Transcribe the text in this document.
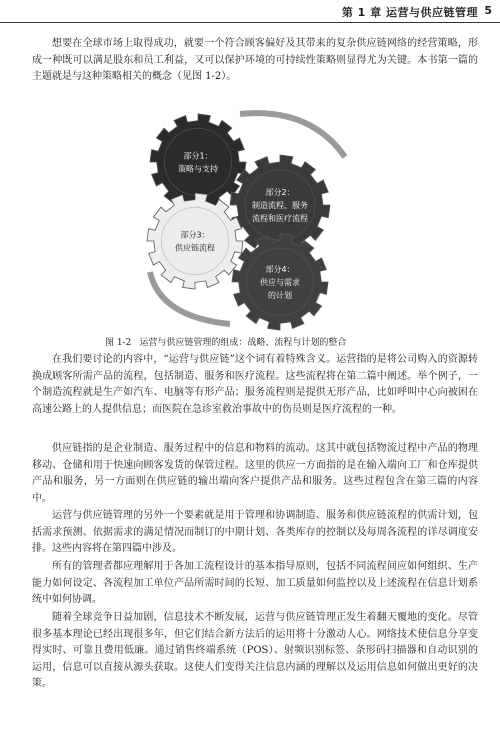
第 1 章 运营与供应链管理 5

想要在全球市场上取得成功，就要一个符合顾客偏好及其带来的复杂供应链网络的经营策略，形成一种既可以满足股东和员工利益，又可以保护环境的可持续性策略则显得尤为关键。本书第一篇的主题就是与这种策略相关的概念（见图 1-2）。

部分1：
策略与支持
部分2：
制造流程、服务
流程和医疗流程
部分3：
供应链流程
部分4：
供应与需求
的计划
图 1-2 运营与供应链管理的组成：战略、流程与计划的整合

在我们要讨论的内容中，“运营与供应链”这个词有着特殊含义。运营指的是将公司购入的资源转换成顾客所需产品的流程，包括制造、服务和医疗流程。这些流程将在第二篇中阐述。举个例子，一个制造流程就是生产如汽车、电脑等有形产品；服务流程则是提供无形产品，比如呼叫中心向被困在高速公路上的人提供信息；而医院在急诊室救治事故中的伤员则是医疗流程的一种。

供应链指的是企业制造、服务过程中的信息和物料的流动。这其中就包括物流过程中产品的物理移动、仓储和用于快速向顾客发货的保管过程。这里的供应一方面指的是在输入端向工厂和仓库提供产品和服务，另一方面则在供应链的输出端向客户提供产品和服务。这些过程包含在第三篇的内容中。

运营与供应链管理的另外一个要素就是用于管理和协调制造、服务和供应链流程的供需计划，包括需求预测、依据需求的满足情况而制订的中期计划、各类库存的控制以及每周各流程的详尽调度安排。这些内容将在第四篇中涉及。

所有的管理者都应理解用于各加工流程设计的基本指导原则，包括不同流程间应如何组织、生产能力如何设定、各流程加工单位产品所需时间的长短、加工质量如何监控以及上述流程在信息计划系统中如何协调。

随着全球竞争日益加剧，信息技术不断发展，运营与供应链管理正发生着翻天覆地的变化。尽管很多基本理论已经出现很多年，但它们结合新方法后的运用将十分激动人心。网络技术使信息分享变得实时、可靠且费用低廉。通过销售终端系统（POS）、射频识别标签、条形码扫描器和自动识别的运用，信息可以直接从源头获取。这使人们变得关注信息内涵的理解以及运用信息如何做出更好的决策。
